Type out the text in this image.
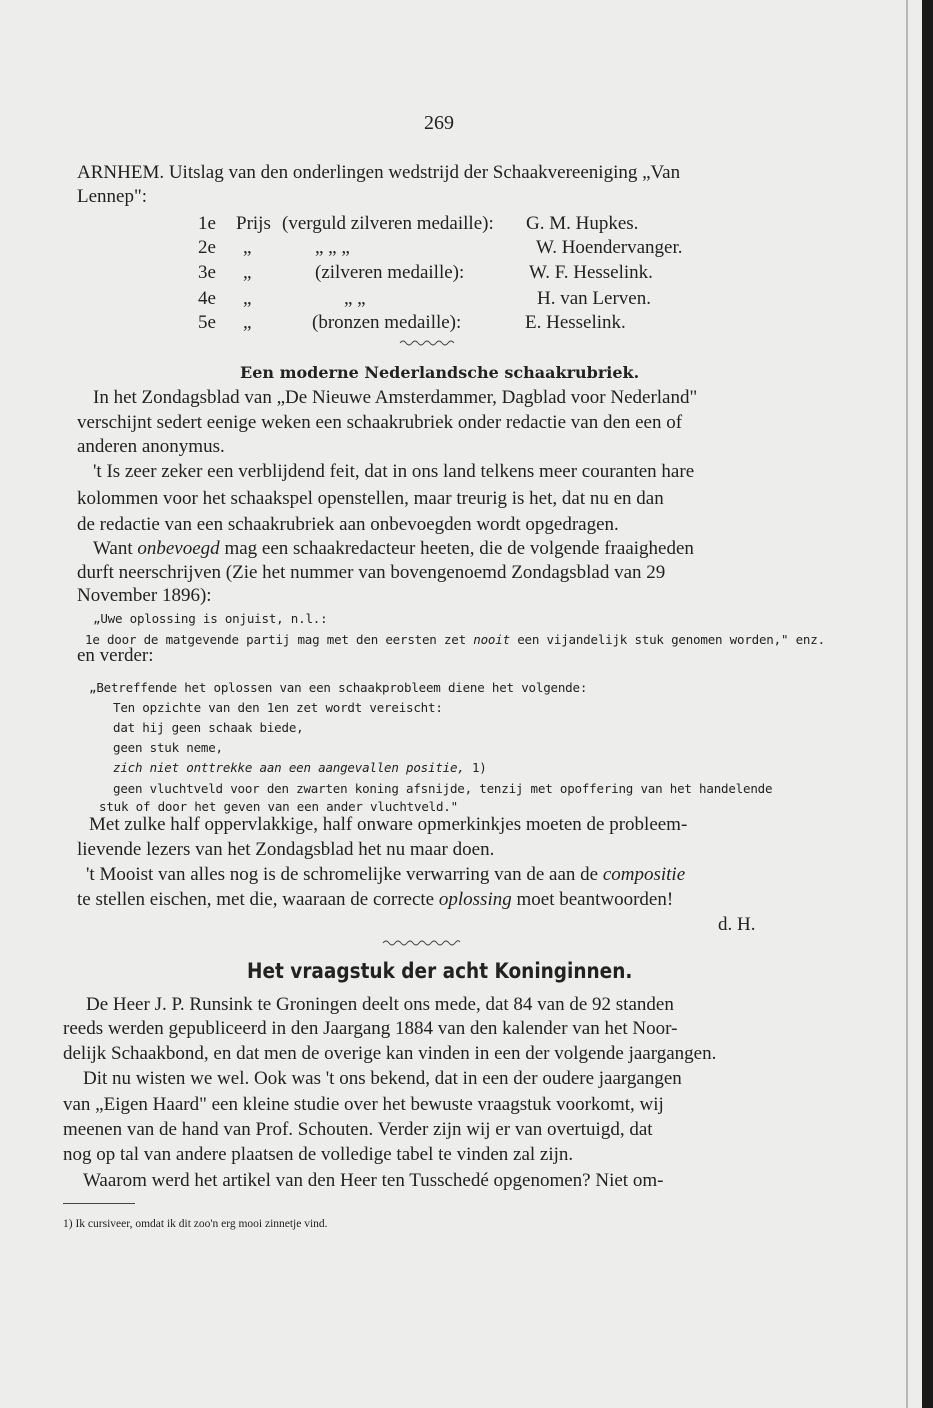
269
ARNHEM. Uitslag van den onderlingen wedstrijd der Schaakvereeniging „Van
Lennep":
1e Prijs (verguld zilveren medaille): G. M. Hupkes.
2e „	„ „ „	W. Hoendervanger.
3e „	(zilveren medaille):	W. F. Hesselink.
4e „	„ „	H. van Lerven.
5e „	(bronzen medaille):	E. Hesselink.
Een moderne Nederlandsche schaakrubriek.
In het Zondagsblad van „De Nieuwe Amsterdammer, Dagblad voor Nederland"
verschijnt sedert eenige weken een schaakrubriek onder redactie van den een of
anderen anonymus.
't Is zeer zeker een verblijdend feit, dat in ons land telkens meer couranten hare
kolommen voor het schaakspel openstellen, maar treurig is het, dat nu en dan
de redactie van een schaakrubriek aan onbevoegden wordt opgedragen.
Want onbevoegd mag een schaakredacteur heeten, die de volgende fraaigheden
durft neerschrijven (Zie het nummer van bovengenoemd Zondagsblad van 29
November 1896):
„Uwe oplossing is onjuist, n.l.:
1e door de matgevende partij mag met den eersten zet nooit een vijandelijk stuk genomen worden," enz.
en verder:
„Betreffende het oplossen van een schaakprobleem diene het volgende:
Ten opzichte van den 1en zet wordt vereischt:
dat hij geen schaak biede,
geen stuk neme,
zich niet onttrekke aan een aangevallen positie, 1)
geen vluchtveld voor den zwarten koning afsnijde, tenzij met opoffering van het handelende
stuk of door het geven van een ander vluchtveld."
Met zulke half oppervlakkige, half onware opmerkinkjes moeten de probleem-
lievende lezers van het Zondagsblad het nu maar doen.
't Mooist van alles nog is de schromelijke verwarring van de aan de compositie
te stellen eischen, met die, waaraan de correcte oplossing moet beantwoorden!
d. H.
Het vraagstuk der acht Koninginnen.
De Heer J. P. Runsink te Groningen deelt ons mede, dat 84 van de 92 standen
reeds werden gepubliceerd in den Jaargang 1884 van den kalender van het Noor-
delijk Schaakbond, en dat men de overige kan vinden in een der volgende jaargangen.
Dit nu wisten we wel. Ook was 't ons bekend, dat in een der oudere jaargangen
van „Eigen Haard" een kleine studie over het bewuste vraagstuk voorkomt, wij
meenen van de hand van Prof. Schouten. Verder zijn wij er van overtuigd, dat
nog op tal van andere plaatsen de volledige tabel te vinden zal zijn.
Waarom werd het artikel van den Heer ten Tusschedé opgenomen? Niet om-
1) Ik cursiveer, omdat ik dit zoo'n erg mooi zinnetje vind.
